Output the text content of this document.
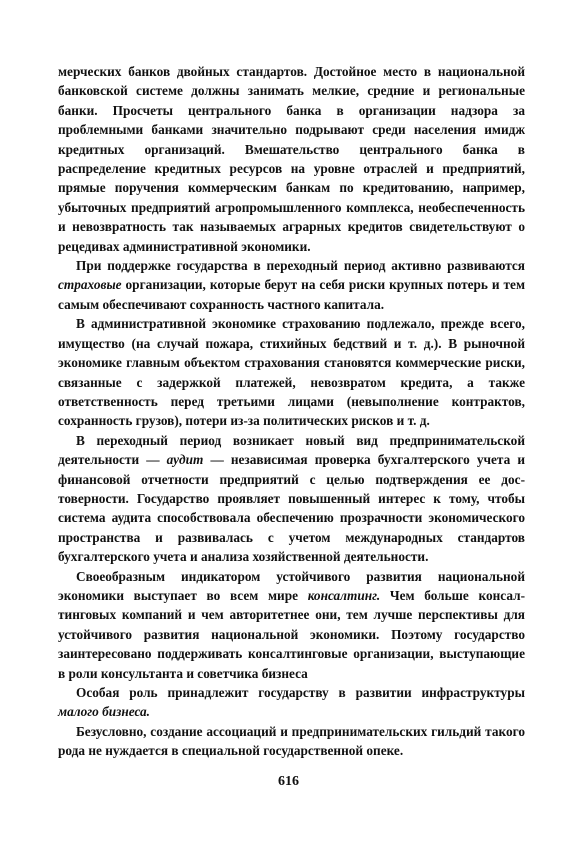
мерческих банков двойных стандартов. Достойное место в национальной банковской системе должны занимать мелкие, средние и региональные банки. Просчеты центрального банка в организации надзора за проблемными банками значительно подрывают среди населения имидж кредитных организаций. Вмешательство центрального банка в распределение кредитных ресурсов на уровне отраслей и предприятий, прямые поручения коммерческим банкам по кредитованию, например, убыточных предприятий агропромышленного комплекса, необеспеченность и невозвратность так называемых аграрных кредитов свидетельствуют о рецедивах административной экономики.

При поддержке государства в переходный период активно развиваются страховые организации, которые берут на себя риски крупных потерь и тем самым обеспечивают сохранность частного капитала.

В административной экономике страхованию подлежало, прежде всего, имущество (на случай пожара, стихийных бедствий и т. д.). В рыночной экономике главным объектом страхования становятся коммерческие риски, связанные с задержкой платежей, невозвратом кредита, а также ответственность перед третьими лицами (невыполнение контрактов, сохранность грузов), потери из-за политических рисков и т. д.

В переходный период возникает новый вид предпринимательской деятельности — аудит — независимая проверка бухгалтерского учета и финансовой отчетности предприятий с целью подтверждения ее достоверности. Государство проявляет повышенный интерес к тому, чтобы система аудита способствовала обеспечению прозрачности экономического пространства и развивалась с учетом международных стандартов бухгалтерского учета и анализа хозяйственной деятельности.

Своеобразным индикатором устойчивого развития национальной экономики выступает во всем мире консалтинг. Чем больше консалтинговых компаний и чем авторитетнее они, тем лучше перспективы для устойчивого развития национальной экономики. Поэтому государство заинтересовано поддерживать консалтинговые организации, выступающие в роли консультанта и советчика бизнеса

Особая роль принадлежит государству в развитии инфраструктуры малого бизнеса.

Безусловно, создание ассоциаций и предпринимательских гильдий такого рода не нуждается в специальной государственной опеке.

616
